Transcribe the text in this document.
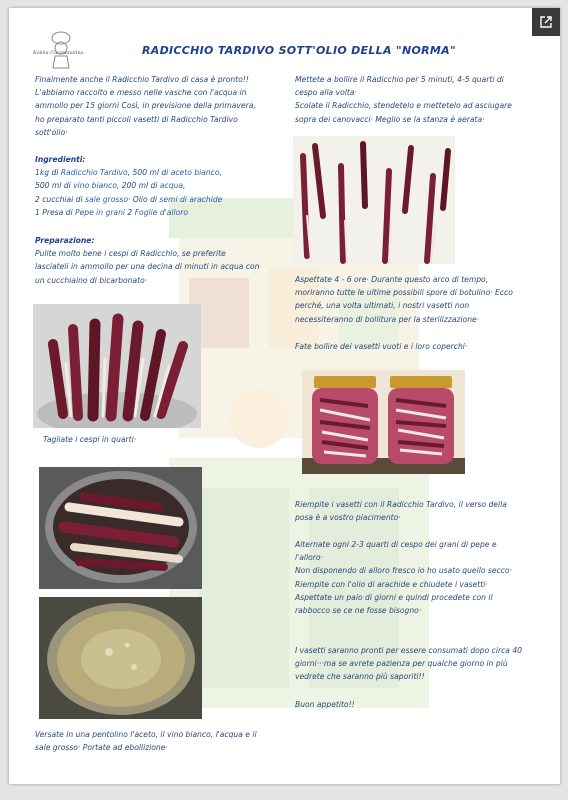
Kokka Cucinanolina	RADICCHIO TARDIVO SOTT'OLIO DELLA "NORMA"
Finalmente anche il Radicchio Tardivo di casa è pronto!!
L'abbiamo raccolto e messo nelle vasche con l'acqua in
ammollo per 15 giorni Così, in previsione della primavera,
ho preparato tanti piccoli vasetti di Radicchio Tardivo
sott'olio·
Ingredienti:
1kg di Radicchio Tardivo, 500 ml di aceto bianco,
500 ml di vino bianco, 200 ml di acqua,
2 cucchiai di sale grosso· Olio di semi di arachide
1 Presa di Pepe in grani 2 Foglie d'alloro
Preparazione:
Pulite molto bene i cespi di Radicchio, se preferite
lasciateli in ammollo per una decina di minuti in acqua con
un cucchiaino di bicarbonato·
Tagliate i cespi in quarti·
Versate in una pentolino l'aceto, il vino bianco, l'acqua e il
sale grosso· Portate ad ebollizione·
Mettete a bollire il Radicchio per 5 minuti, 4-5 quarti di
cespo alla volta·
Scolate il Radicchio, stendetelo e mettetelo ad asciugare
sopra dei canovacci· Meglio se la stanza è aerata·
Aspettate 4 - 6 ore· Durante questo arco di tempo,
moriranno tutte le ultime possibili spore di botulino· Ecco
perché, una volta ultimati, i nostri vasetti non
necessiteranno di bollitura per la sterilizzazione·
Fate bollire dei vasetti vuoti e i loro coperchi·
Riempite i vasetti con il Radicchio Tardivo, il verso della
posa è a vostro piacimento·
Alternate ogni 2-3 quarti di cespo dei grani di pepe e
l'alloro·
Non disponendo di alloro fresco io ho usato quello secco·
Riempite con l'olio di arachide e chiudete i vasetti·
Aspettate un paio di giorni e quindi procedete con il
rabbocco se ce ne fosse bisogno·
I vasetti saranno pronti per essere consumati dopo circa 40
giorni···ma se avrete pazienza per qualche giorno in più
vedrete che saranno più saporiti!!
Buon appetito!!
